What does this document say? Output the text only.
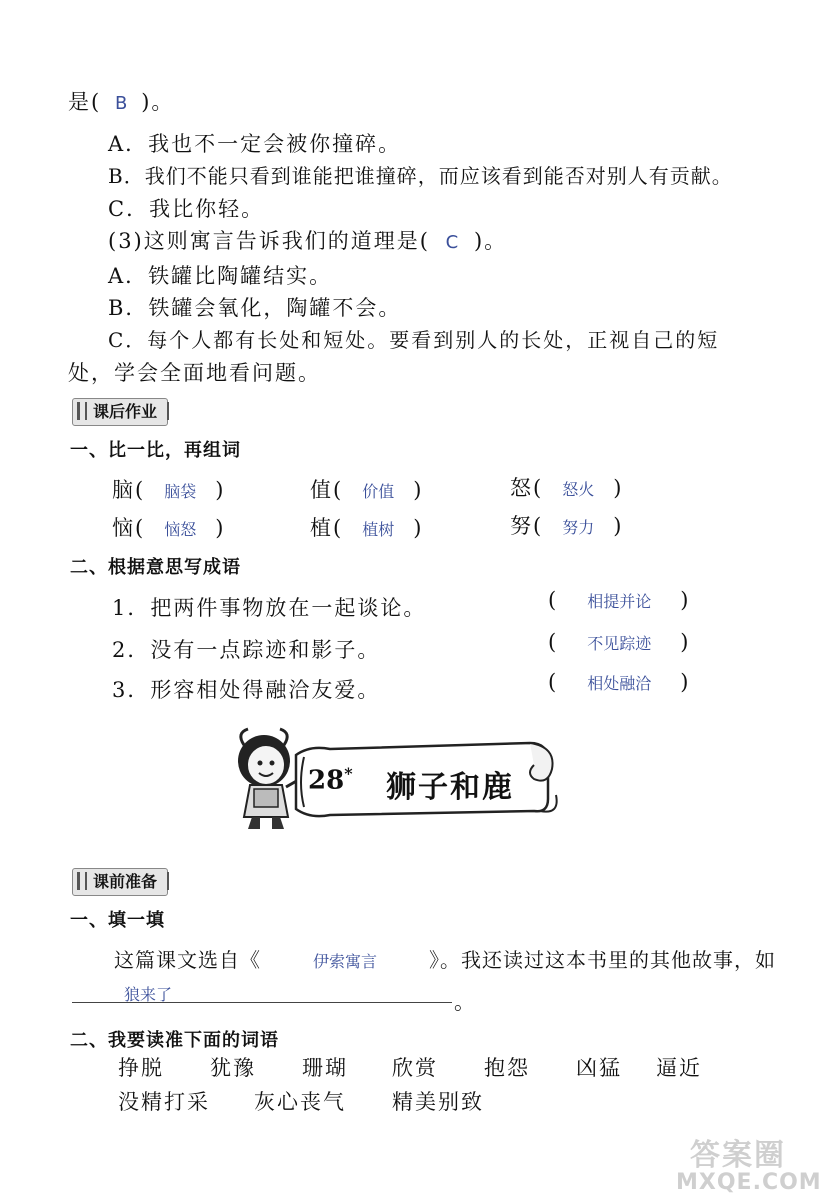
是( B )。
A．我也不一定会被你撞碎。
B．我们不能只看到谁能把谁撞碎，而应该看到能否对别人有贡献。
C．我比你轻。
(3)这则寓言告诉我们的道理是( C )。
A．铁罐比陶罐结实。
B．铁罐会氧化，陶罐不会。
C．每个人都有长处和短处。要看到别人的长处，正视自己的短
处，学会全面地看问题。
课后作业
一、比一比，再组词
脑( 脑袋 )	值( 价值 )	怒( 怒火 )
恼( 恼怒 )	植( 植树 )	努( 努力 )
二、根据意思写成语
1．把两件事物放在一起谈论。	( 相提并论 )
2．没有一点踪迹和影子。	( 不见踪迹 )
3．形容相处得融洽友爱。	( 相处融洽 )
28* 狮子和鹿
课前准备
一、填一填
这篇课文选自《	伊索寓言	》。我还读过这本书里的其他故事，如
狼来了	。
二、我要读准下面的词语
挣脱 犹豫 珊瑚 欣赏 抱怨 凶猛 逼近
没精打采 灰心丧气 精美别致
答案圈
MXQE.COM
